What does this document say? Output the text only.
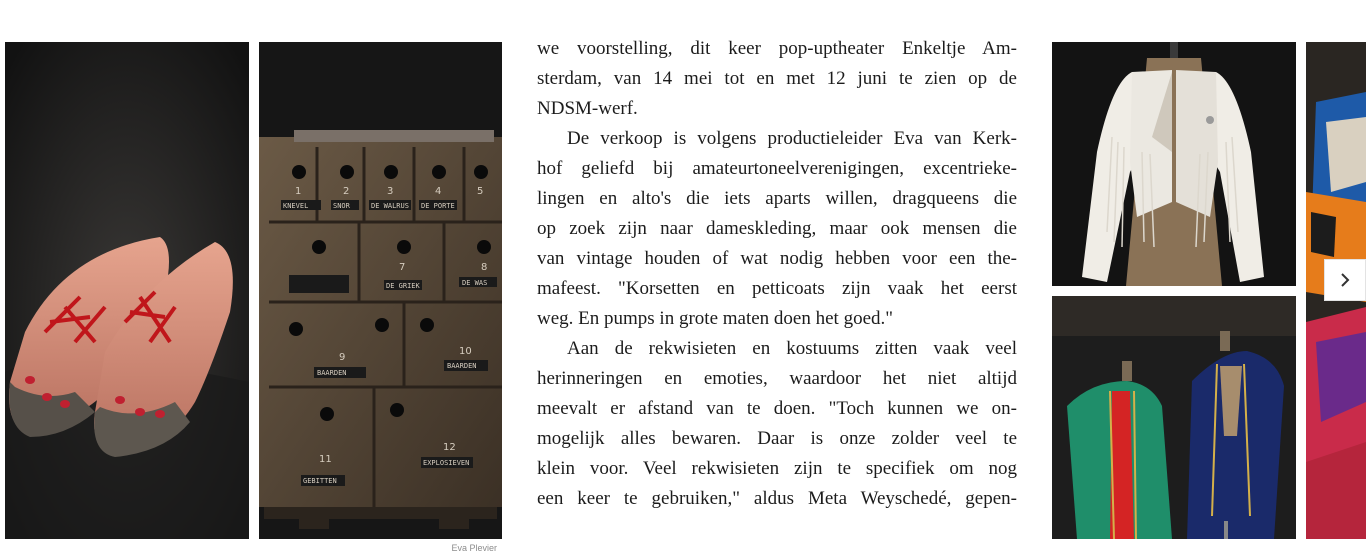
KNEVEL	SNOR	DE WALRUS DE PORTE
DE GRIEK	DE WAS
BAARDEN
BAARDEN
GEBITTEN
EXPLOSIEVEN
1	2	3	4	5
7	8
9
10
11
12
Eva Plevier
we voorstelling, dit keer pop-uptheater Enkeltje Am-
sterdam, van 14 mei tot en met 12 juni te zien op de
NDSM-werf.
De verkoop is volgens productieleider Eva van Kerk-
hof geliefd bij amateurtoneelverenigingen, excentrieke-
lingen en alto's die iets aparts willen, dragqueens die
op zoek zijn naar dameskleding, maar ook mensen die
van vintage houden of wat nodig hebben voor een the-
mafeest. "Korsetten en petticoats zijn vaak het eerst
weg. En pumps in grote maten doen het goed."
Aan de rekwisieten en kostuums zitten vaak veel
herinneringen en emoties, waardoor het niet altijd
meevalt er afstand van te doen. "Toch kunnen we on-
mogelijk alles bewaren. Daar is onze zolder veel te
klein voor. Veel rekwisieten zijn te specifiek om nog
een keer te gebruiken," aldus Meta Weyschedé, gepen-
